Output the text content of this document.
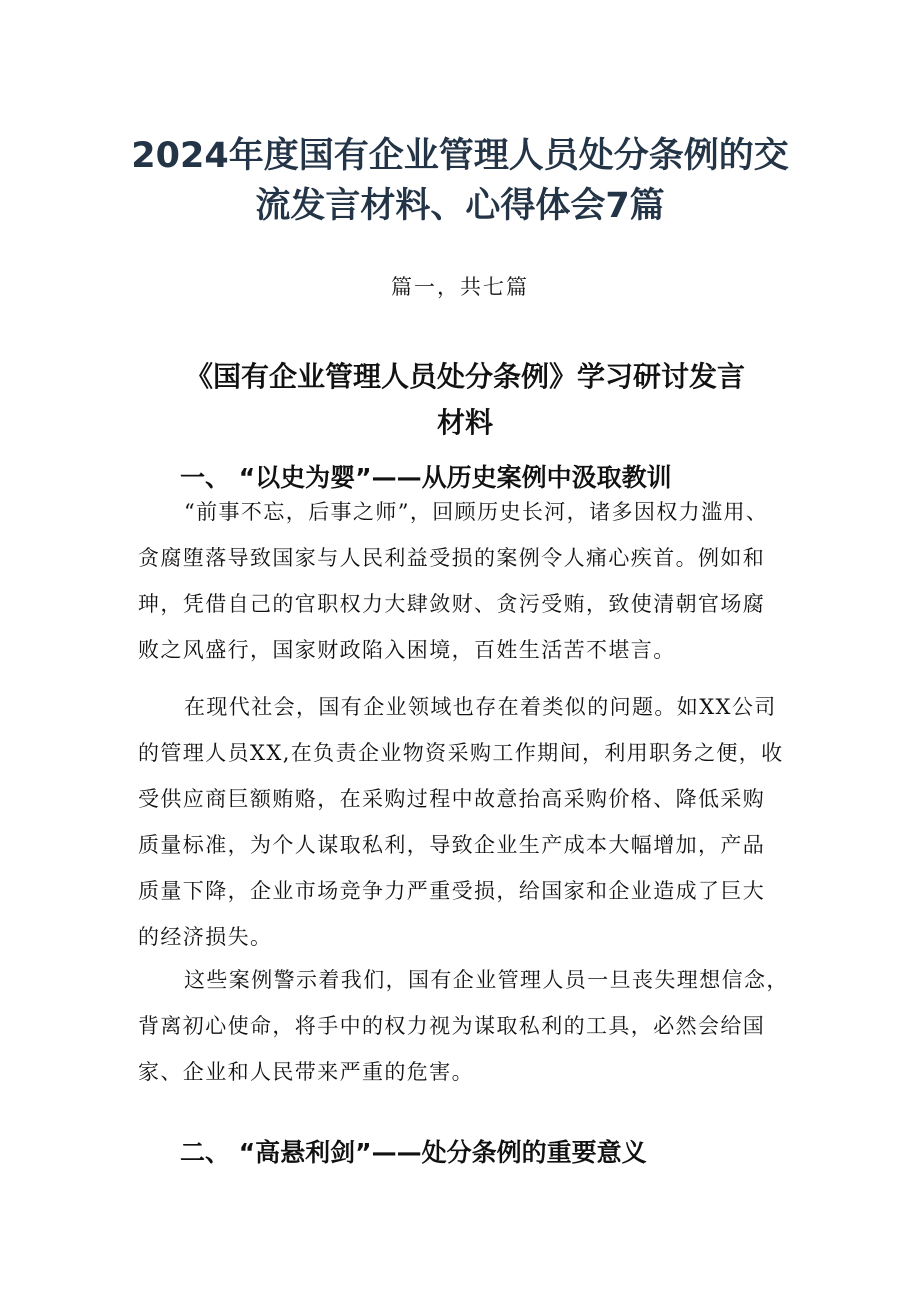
2024年度国有企业管理人员处分条例的交
流发言材料、心得体会7篇
篇一，共七篇
《国有企业管理人员处分条例》学习研讨发言
材料
一、 “以史为婴”——从历史案例中汲取教训
“前事不忘，后事之师”，回顾历史长河，诸多因权力滥用、
贪腐堕落导致国家与人民利益受损的案例令人痛心疾首。例如和
珅，凭借自己的官职权力大肆敛财、贪污受贿，致使清朝官场腐
败之风盛行，国家财政陷入困境，百姓生活苦不堪言。
在现代社会，国有企业领域也存在着类似的问题。如XX公司
的管理人员XX,在负责企业物资采购工作期间，利用职务之便，收
受供应商巨额贿赂，在采购过程中故意抬高采购价格、降低采购
质量标准，为个人谋取私利，导致企业生产成本大幅增加，产品
质量下降，企业市场竞争力严重受损，给国家和企业造成了巨大
的经济损失。
这些案例警示着我们，国有企业管理人员一旦丧失理想信念，
背离初心使命，将手中的权力视为谋取私利的工具，必然会给国
家、企业和人民带来严重的危害。
二、 “高悬利剑”——处分条例的重要意义
